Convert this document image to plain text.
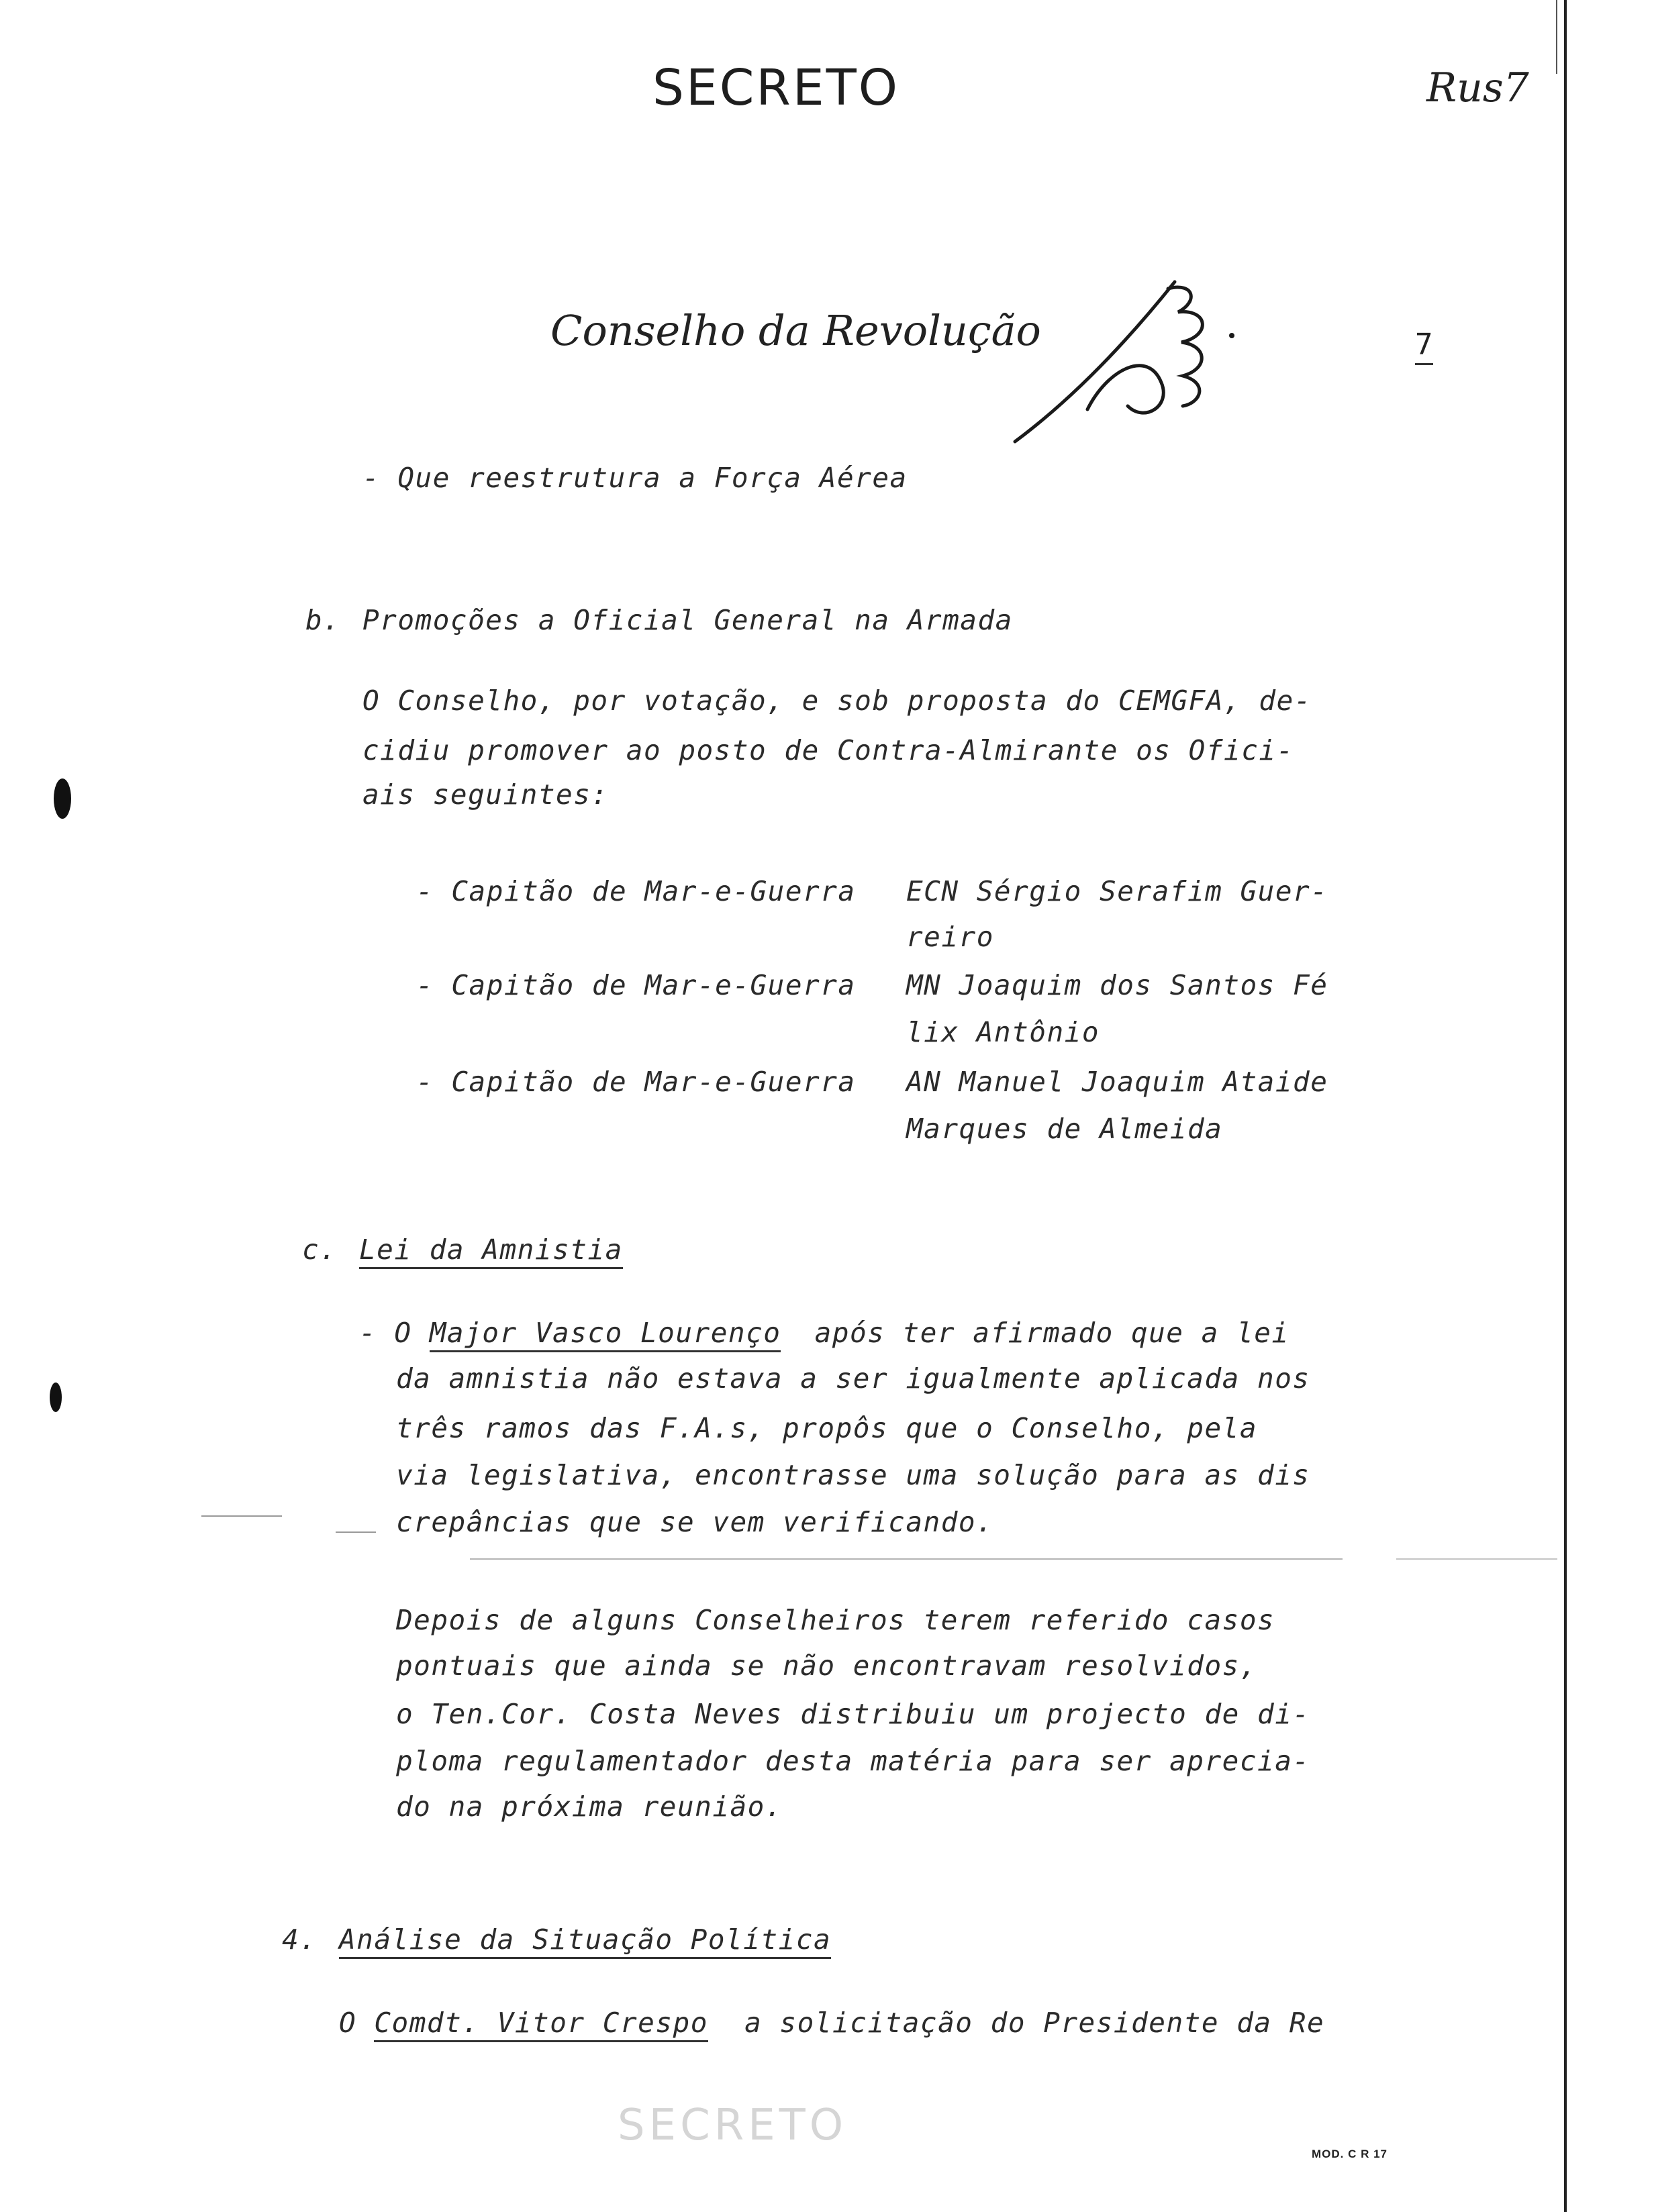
SECRETO	Rus7
Conselho da Revolução	7
- Que reestrutura a Força Aérea
b. Promoções a Oficial General na Armada
O Conselho, por votação, e sob proposta do CEMGFA, de-
cidiu promover ao posto de Contra-Almirante os Ofici-
ais seguintes:
- Capitão de Mar-e-Guerra ECN Sérgio Serafim Guer-
reiro
- Capitão de Mar-e-Guerra MN Joaquim dos Santos Fé
lix Antônio
- Capitão de Mar-e-Guerra AN Manuel Joaquim Ataide
Marques de Almeida
c. Lei da Amnistia
- O Major Vasco Lourenço após ter afirmado que a lei
da amnistia não estava a ser igualmente aplicada nos
três ramos das F.A.s, propôs que o Conselho, pela
via legislativa, encontrasse uma solução para as dis
crepâncias que se vem verificando.
Depois de alguns Conselheiros terem referido casos
pontuais que ainda se não encontravam resolvidos,
o Ten.Cor. Costa Neves distribuiu um projecto de di-
ploma regulamentador desta matéria para ser aprecia-
do na próxima reunião.
4. Análise da Situação Política
O Comdt. Vitor Crespo a solicitação do Presidente da Re
SECRETO
MOD. C R 17
